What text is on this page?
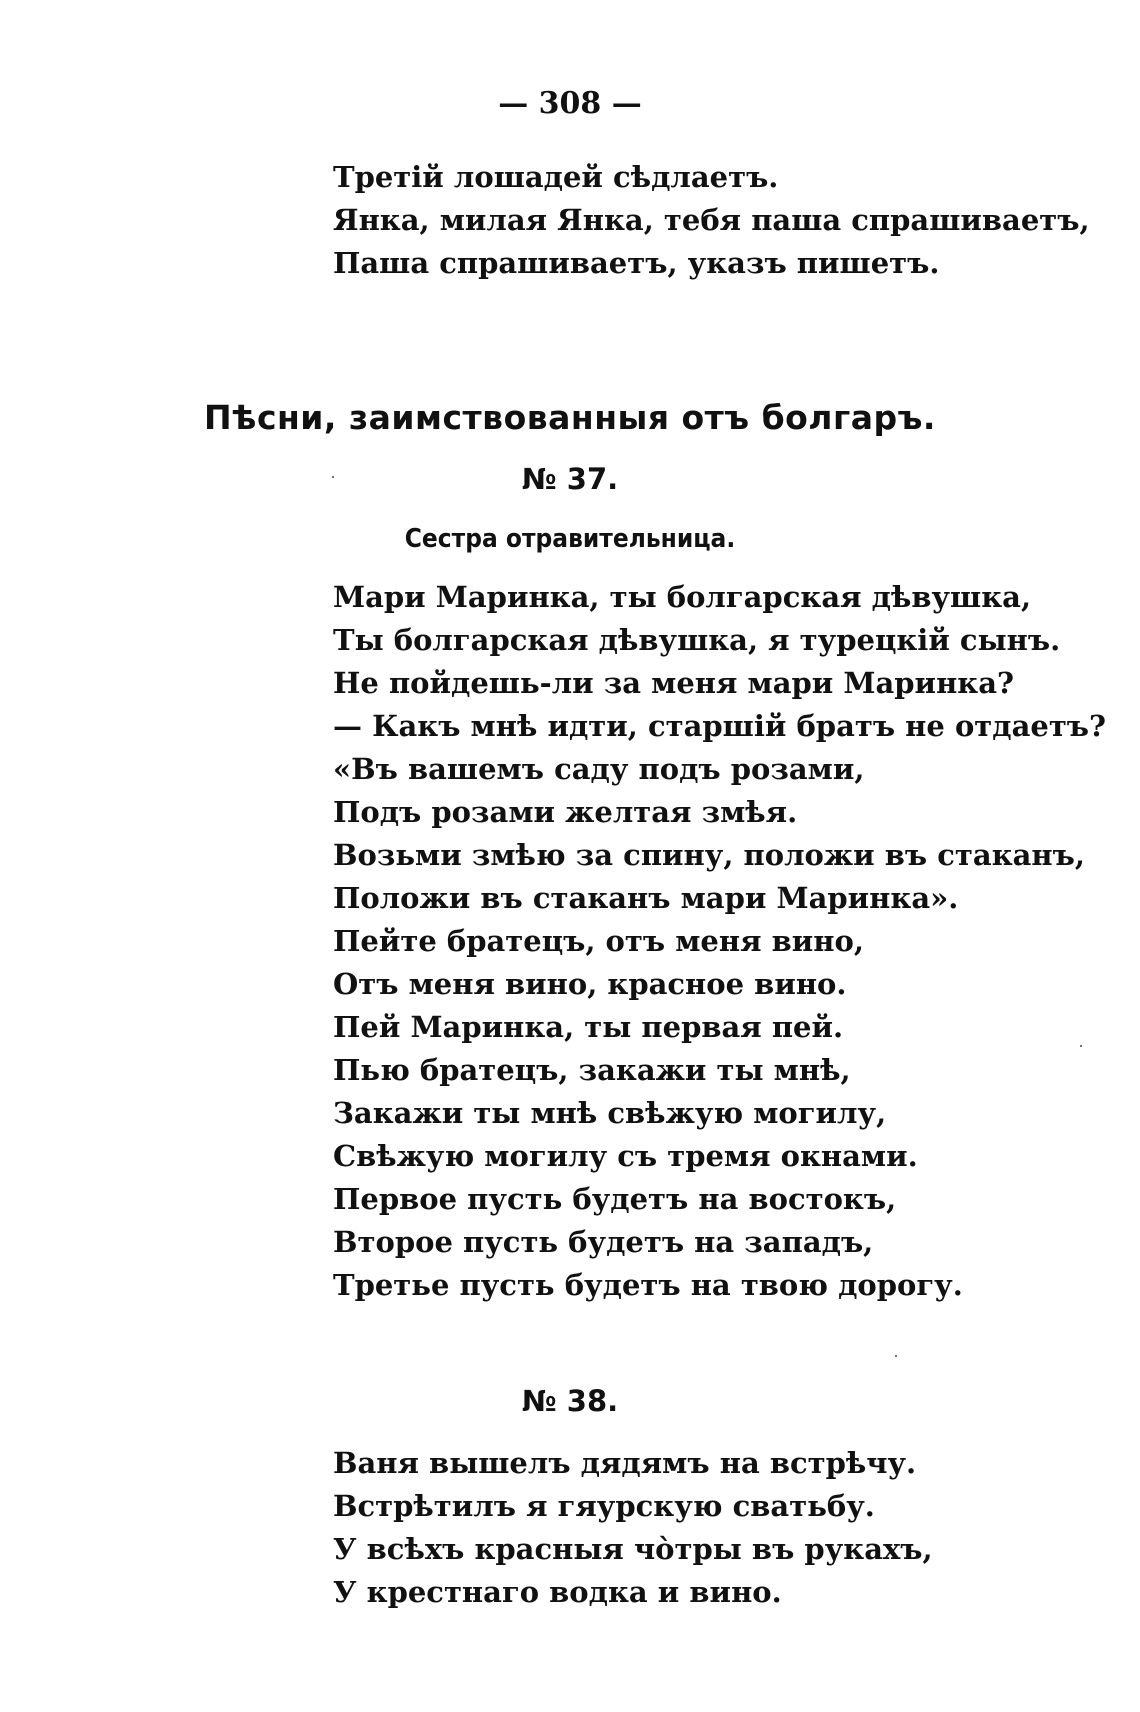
— 308 —
Третій лошадей сѣдлаетъ.
Янка, милая Янка, тебя паша спрашиваетъ,
Паша спрашиваетъ, указъ пишетъ.
Пѣсни, заимствованныя отъ болгаръ.
№ 37.
Сестра отравительница.
Мари Маринка, ты болгарская дѣвушка,
Ты болгарская дѣвушка, я турецкій сынъ.
Не пойдешь-ли за меня мари Маринка?
— Какъ мнѣ идти, старшій братъ не отдаетъ?
«Въ вашемъ саду подъ розами,
Подъ розами желтая змѣя.
Возьми змѣю за спину, положи въ стаканъ,
Положи въ стаканъ мари Маринка».
Пейте братецъ, отъ меня вино,
Отъ меня вино, красное вино.
Пей Маринка, ты первая пей.
Пью братецъ, закажи ты мнѣ,
Закажи ты мнѣ свѣжую могилу,
Свѣжую могилу съ тремя окнами.
Первое пусть будетъ на востокъ,
Второе пусть будетъ на западъ,
Третье пусть будетъ на твою дорогу.
№ 38.
Ваня вышелъ дядямъ на встрѣчу.
Встрѣтилъ я гяурскую сватьбу.
У всѣхъ красныя чо̀тры въ рукахъ,
У крестнаго водка и вино.
